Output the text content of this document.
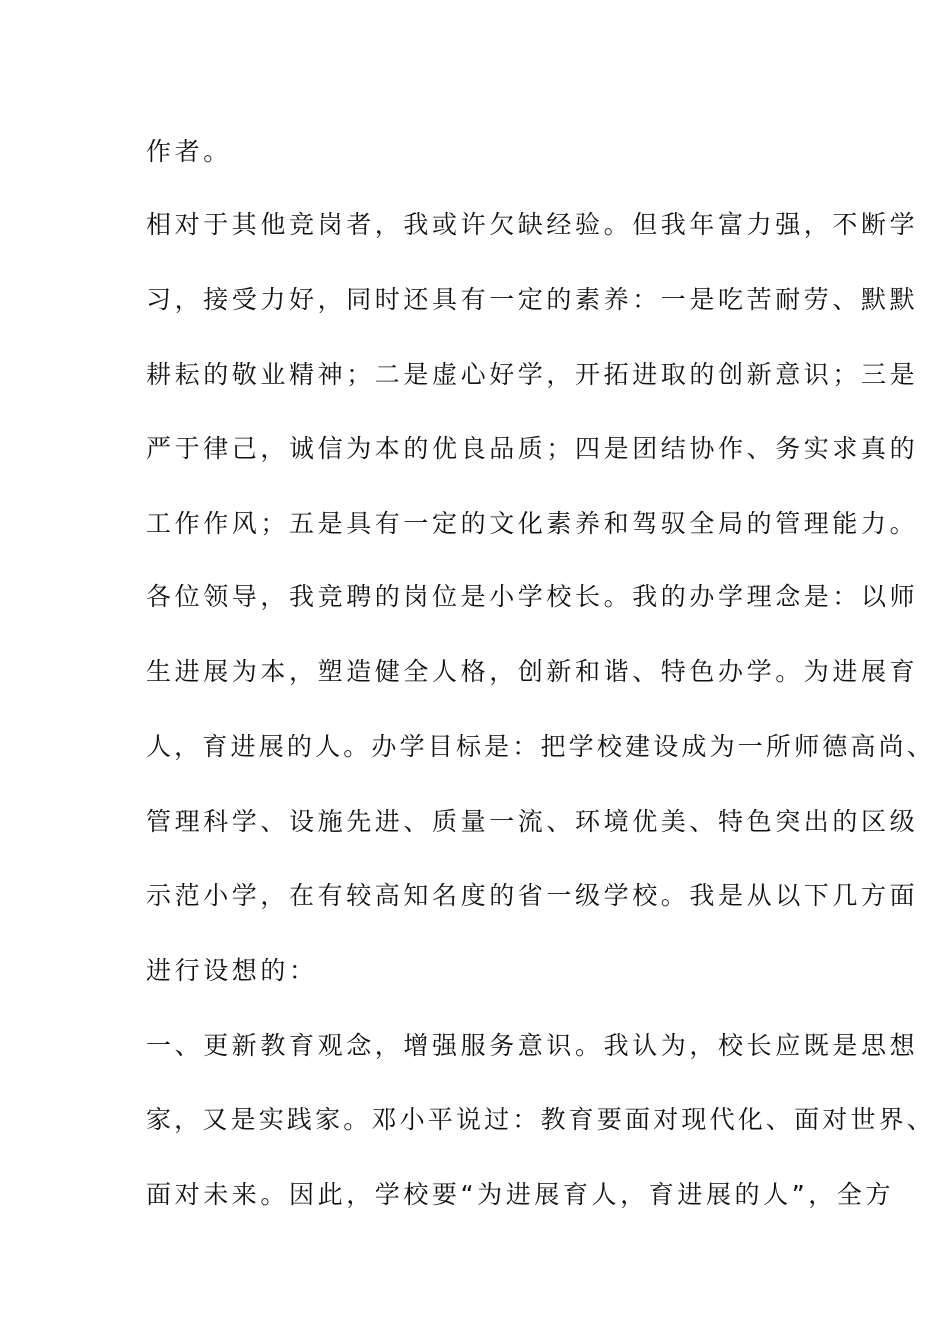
作者。
相对于其他竞岗者，我或许欠缺经验。但我年富力强，不断学
习，接受力好，同时还具有一定的素养：一是吃苦耐劳、默默
耕耘的敬业精神；二是虚心好学，开拓进取的创新意识；三是
严于律己，诚信为本的优良品质；四是团结协作、务实求真的
工作作风；五是具有一定的文化素养和驾驭全局的管理能力。
各位领导，我竞聘的岗位是小学校长。我的办学理念是：以师
生进展为本，塑造健全人格，创新和谐、特色办学。为进展育
人，育进展的人。办学目标是：把学校建设成为一所师德高尚、
管理科学、设施先进、质量一流、环境优美、特色突出的区级
示范小学，在有较高知名度的省一级学校。我是从以下几方面
进行设想的：
一、更新教育观念，增强服务意识。我认为，校长应既是思想
家，又是实践家。邓小平说过：教育要面对现代化、面对世界、
面对未来。因此，学校要“为进展育人，育进展的人”，全方
